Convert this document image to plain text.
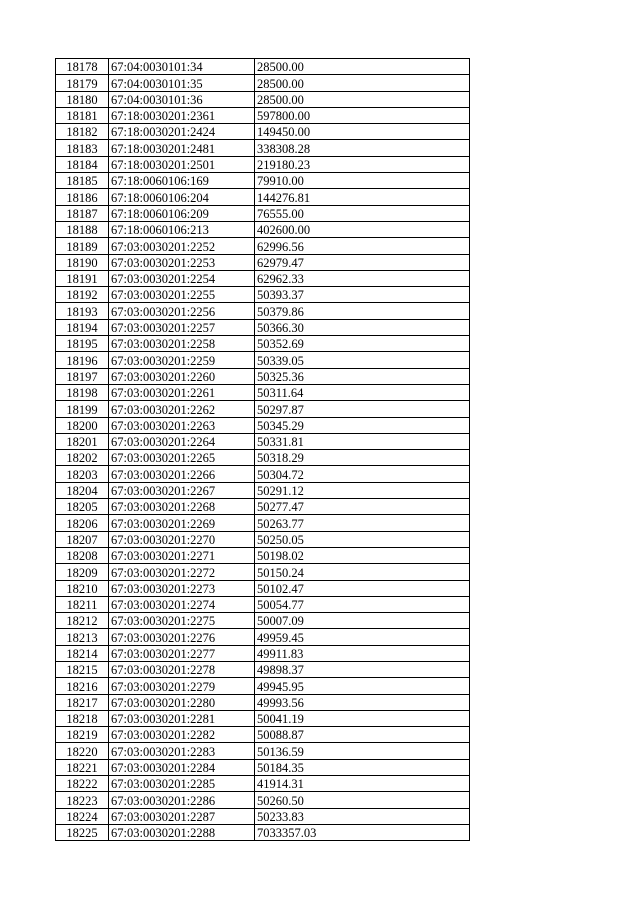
18178	67:04:0030101:34	28500.00
18179	67:04:0030101:35	28500.00
18180	67:04:0030101:36	28500.00
18181	67:18:0030201:2361	597800.00
18182	67:18:0030201:2424	149450.00
18183	67:18:0030201:2481	338308.28
18184	67:18:0030201:2501	219180.23
18185	67:18:0060106:169	79910.00
18186	67:18:0060106:204	144276.81
18187	67:18:0060106:209	76555.00
18188	67:18:0060106:213	402600.00
18189	67:03:0030201:2252	62996.56
18190	67:03:0030201:2253	62979.47
18191	67:03:0030201:2254	62962.33
18192	67:03:0030201:2255	50393.37
18193	67:03:0030201:2256	50379.86
18194	67:03:0030201:2257	50366.30
18195	67:03:0030201:2258	50352.69
18196	67:03:0030201:2259	50339.05
18197	67:03:0030201:2260	50325.36
18198	67:03:0030201:2261	50311.64
18199	67:03:0030201:2262	50297.87
18200	67:03:0030201:2263	50345.29
18201	67:03:0030201:2264	50331.81
18202	67:03:0030201:2265	50318.29
18203	67:03:0030201:2266	50304.72
18204	67:03:0030201:2267	50291.12
18205	67:03:0030201:2268	50277.47
18206	67:03:0030201:2269	50263.77
18207	67:03:0030201:2270	50250.05
18208	67:03:0030201:2271	50198.02
18209	67:03:0030201:2272	50150.24
18210	67:03:0030201:2273	50102.47
18211	67:03:0030201:2274	50054.77
18212	67:03:0030201:2275	50007.09
18213	67:03:0030201:2276	49959.45
18214	67:03:0030201:2277	49911.83
18215	67:03:0030201:2278	49898.37
18216	67:03:0030201:2279	49945.95
18217	67:03:0030201:2280	49993.56
18218	67:03:0030201:2281	50041.19
18219	67:03:0030201:2282	50088.87
18220	67:03:0030201:2283	50136.59
18221	67:03:0030201:2284	50184.35
18222	67:03:0030201:2285	41914.31
18223	67:03:0030201:2286	50260.50
18224	67:03:0030201:2287	50233.83
18225	67:03:0030201:2288	7033357.03
